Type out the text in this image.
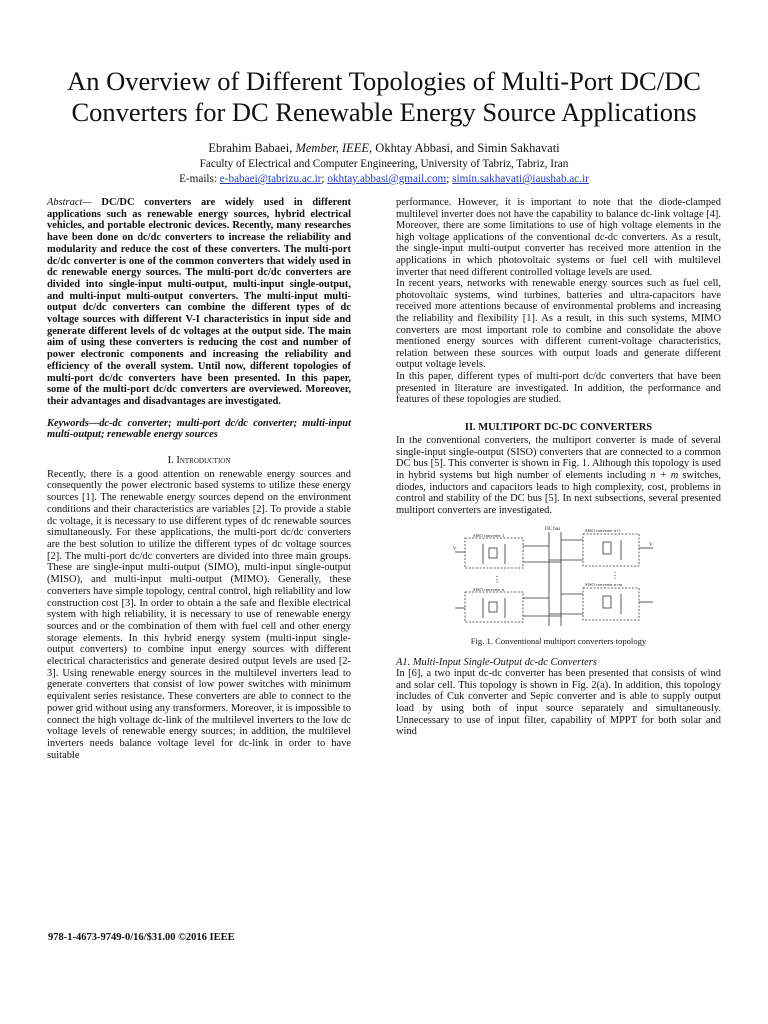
An Overview of Different Topologies of Multi-Port DC/DC Converters for DC Renewable Energy Source Applications
Ebrahim Babaei, Member, IEEE, Okhtay Abbasi, and Simin Sakhavati
Faculty of Electrical and Computer Engineering, University of Tabriz, Tabriz, Iran
E-mails: e-babaei@tabrizu.ac.ir; okhtay.abbasi@gmail.com; simin.sakhavati@iaushab.ac.ir

Abstract— DC/DC converters are widely used in different applications such as renewable energy sources, hybrid electrical vehicles, and portable electronic devices. Recently, many researches have been done on dc/dc converters to increase the reliability and modularity and reduce the cost of these converters. The multi-port dc/dc converter is one of the common converters that widely used in dc renewable energy sources. The multi-port dc/dc converters are divided into single-input multi-output, multi-input single-output, and multi-input multi-output converters. The multi-input multi-output dc/dc converters can combine the different types of dc voltage sources with different V-I characteristics in input side and generate different levels of dc voltages at the output side. The main aim of using these converters is reducing the cost and number of power electronic components and increasing the reliability and efficiency of the overall system. Until now, different topologies of multi-port dc/dc converters have been presented. In this paper, some of the multi-port dc/dc converters are overviewed. Moreover, their advantages and disadvantages are investigated.

Keywords—dc-dc converter; multi-port dc/dc converter; multi-input multi-output; renewable energy sources

I. Introduction

Recently, there is a good attention on renewable energy sources and consequently the power electronic based systems to utilize these energy sources [1]. The renewable energy sources depend on the environment conditions and their characteristics are variables [2]. To provide a stable dc voltage, it is necessary to use different types of dc renewable sources simultaneously. For these applications, the multi-port dc/dc converters are the best solution to utilize the different types of dc voltage sources [2]. The multi-port dc/dc converters are divided into three main groups. These are single-input multi-output (SIMO), multi-input single-output (MISO), and multi-input multi-output (MIMO). Generally, these converters have simple topology, central control, high reliability and low construction cost [3]. In order to obtain a the safe and flexible electrical system with high reliability, it is necessary to use of renewable energy sources and or the combination of them with fuel cell and other energy storage elements. In this hybrid energy system (multi-input single-output converters) to combine input energy sources with different electrical characteristics and generate desired output levels are used [2-3]. Using renewable energy sources in the multilevel inverters lead to generate converters that consist of low power switches with minimum equivalent series resistance. These converters are able to connect to the power grid without using any transformers. Moreover, it is impossible to connect the high voltage dc-link of the multilevel inverters to the low dc voltage levels of renewable energy sources; in addition, the multilevel inverters needs balance voltage level for dc-link in order to have suitable

performance. However, it is important to note that the diode-clamped multilevel inverter does not have the capability to balance dc-link voltage [4]. Moreover, there are some limitations to use of high voltage elements in the high voltage applications of the conventional dc-dc converters. As a result, the single-input multi-output converter has received more attention in the applications in which photovoltaic systems or fuel cell with multilevel inverter that need different controlled voltage levels are used.

In recent years, networks with renewable energy sources such as fuel cell, photovoltaic systems, wind turbines, batteries and ultra-capacitors have received more attentions because of environmental problems and increasing the reliability and flexibility [1]. As a result, in this such systems, MIMO converters are most important role to combine and consolidate the above mentioned energy sources with different current-voltage characteristics, relation between these sources with output loads and generate different output voltage levels.

In this paper, different types of multi-port dc/dc converters that have been presented in literature are investigated. In addition, the performance and features of these topologies are studied.

II. MULTIPORT DC-DC CONVERTERS

In the conventional converters, the multiport converter is made of several single-input single-output (SISO) converters that are connected to a common DC bus [5]. This converter is shown in Fig. 1. Although this topology is used in hybrid systems but high number of elements including n + m switches, diodes, inductors and capacitors leads to high complexity, cost, problems in control and stability of the DC bus [5]. In next subsections, several presented multiport converters are investigated.

DC bus
SISO converter 1
SISO converter n
SISO converter n+1
SISO converter n+m
V
V
⋮	⋮
Fig. 1. Conventional multiport converters topology
A1. Multi-Input Single-Output dc-dc Converters

In [6], a two input dc-dc converter has been presented that consists of wind and solar cell. This topology is shown in Fig. 2(a). In addition, this topology includes of Cuk converter and Sepic converter and is able to supply output load by using both of input source separately and simultaneously. Unnecessary to use of input filter, capability of MPPT for both solar and wind

978-1-4673-9749-0/16/$31.00 ©2016 IEEE
